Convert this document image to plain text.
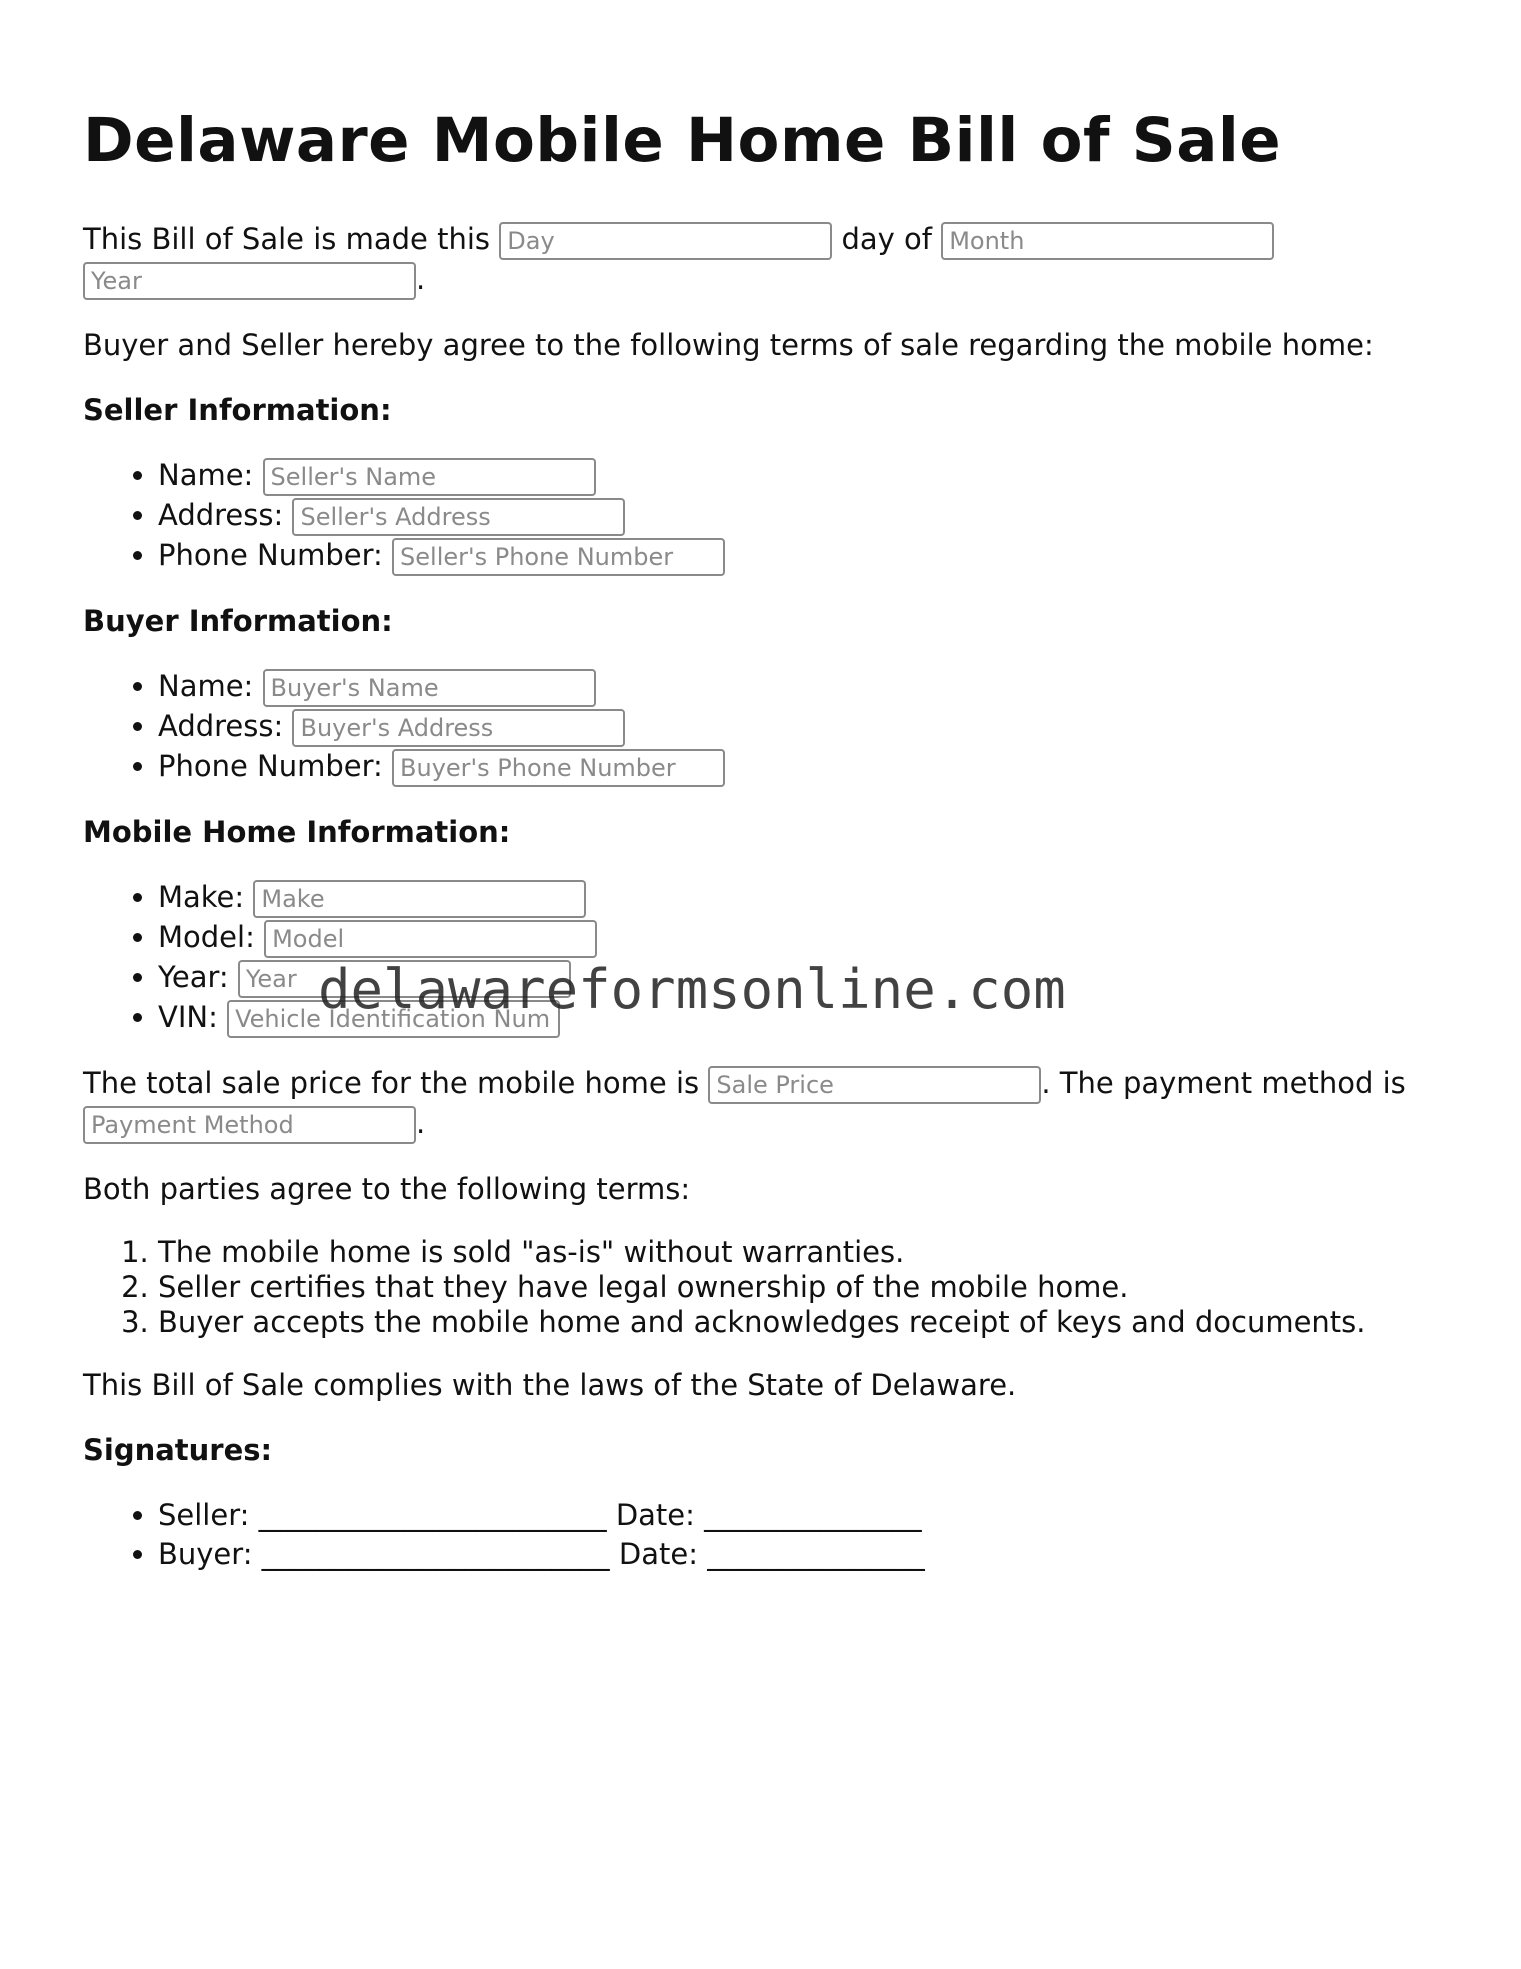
Delaware Mobile Home Bill of Sale

This Bill of Sale is made this Day	day of Month Year.

Buyer and Seller hereby agree to the following terms of sale regarding the mobile home:

Seller Information:
• Name: Seller's Name
• Address: Seller's Address
• Phone Number: Seller's Phone Number
Buyer Information:
• Name: Buyer's Name
• Address: Buyer's Address
• Phone Number: Buyer's Phone Number
Mobile Home Information:
• Make: Make
• Model: Model
• Year: Year
• VIN: Vehicle Identification Number

The total sale price for the mobile home is Sale Price	. The payment method is Payment Method.

Both parties agree to the following terms:

1. The mobile home is sold "as-is" without warranties.
2. Seller certifies that they have legal ownership of the mobile home.
3. Buyer accepts the mobile home and acknowledges receipt of keys and documents.

This Bill of Sale complies with the laws of the State of Delaware.

Signatures:
• Seller: ________________________ Date: _______________
• Buyer: ________________________ Date: _______________
delawareformsonline.com
